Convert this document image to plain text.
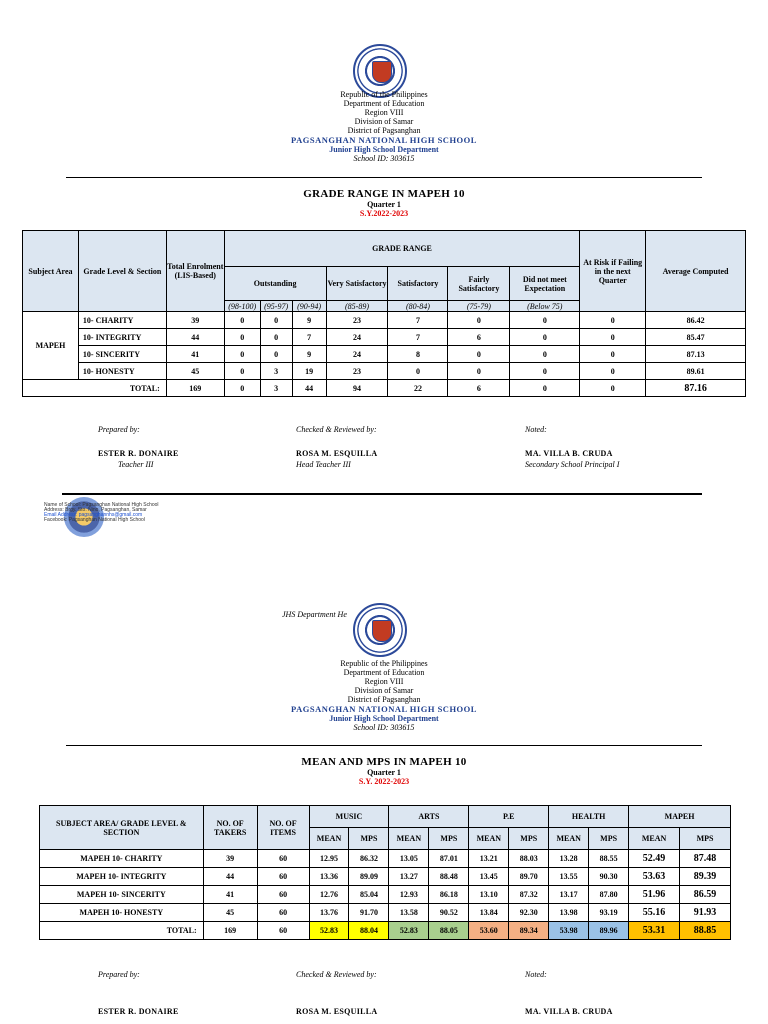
Republic of the Philippines
Department of Education
Region VIII
Division of Samar
District of Pagsanghan
PAGSANGHAN NATIONAL HIGH SCHOOL
Junior High School Department
School ID: 303615
GRADE RANGE IN MAPEH 10
Quarter 1
S.Y.2022-2023
Subject Area	Grade Level & Section	Total Enrolment (LIS-Based)	GRADE RANGE							At Risk if Failing in the next Quarter	Average Computed
			Outstanding			Very Satisfactory	Satisfactory	Fairly Satisfactory	Did not meet Expectation		
			(98-100)	(95-97)	(90-94)	(85-89)	(80-84)	(75-79)	(Below 75)		
MAPEH	10- CHARITY	39	0	0	9	23	7	0	0	0	86.42
	10- INTEGRITY	44	0	0	7	24	7	6	0	0	85.47
	10- SINCERITY	41	0	0	9	24	8	0	0	0	87.13
	10- HONESTY	45	0	3	19	23	0	0	0	0	89.61
TOTAL:		169	0	3	44	94	22	6	0	0	87.16
Prepared by:	Checked & Reviewed by:	Noted:
ESTER R. DONAIRE	ROSA M. ESQUILLA	MA. VILLA B. CRUDA
Teacher III	Head Teacher III	Secondary School Principal I
Name of School: Pagsanghan National High School
Address: Brgy. Sto. Nino, Pagsanghan, Samar
Email Address: pagsanghannhs@gmail.com
Facebook: Pagsanghan National High School
JHS Department He
Republic of the Philippines
Department of Education
Region VIII
Division of Samar
District of Pagsanghan
PAGSANGHAN NATIONAL HIGH SCHOOL
Junior High School Department
School ID: 303615
MEAN AND MPS IN MAPEH 10
Quarter 1
S.Y. 2022-2023
SUBJECT AREA/ GRADE LEVEL & SECTION	NO. OF TAKERS	NO. OF ITEMS	MUSIC		ARTS		P.E		HEALTH		MAPEH	
			MEAN	MPS	MEAN	MPS	MEAN	MPS	MEAN	MPS	MEAN	MPS
MAPEH 10- CHARITY	39	60	12.95	86.32	13.05	87.01	13.21	88.03	13.28	88.55	52.49	87.48
MAPEH 10- INTEGRITY	44	60	13.36	89.09	13.27	88.48	13.45	89.70	13.55	90.30	53.63	89.39
MAPEH 10- SINCERITY	41	60	12.76	85.04	12.93	86.18	13.10	87.32	13.17	87.80	51.96	86.59
MAPEH 10- HONESTY	45	60	13.76	91.70	13.58	90.52	13.84	92.30	13.98	93.19	55.16	91.93
TOTAL:	169	60	52.83	88.04	52.83	88.05	53.60	89.34	53.98	89.96	53.31	88.85
Prepared by:	Checked & Reviewed by:	Noted:
ESTER R. DONAIRE	ROSA M. ESQUILLA	MA. VILLA B. CRUDA
